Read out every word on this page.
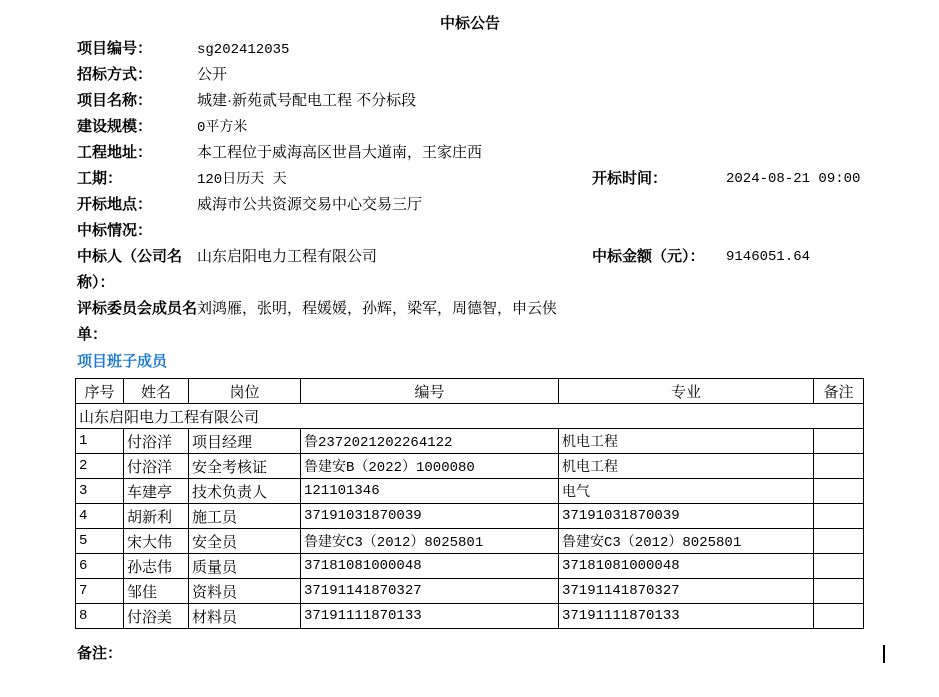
中标公告
项目编号：	sg202412035
招标方式：	公开
项目名称：	城建·新苑贰号配电工程 不分标段
建设规模：	0平方米
工程地址：	本工程位于威海高区世昌大道南，王家庄西
工期：	120日历天 天	开标时间：	2024-08-21 09:00
开标地点：	威海市公共资源交易中心交易三厅
中标情况：
中标人（公司名 山东启阳电力工程有限公司	中标金额（元）： 9146051.64
称）：
评标委员会成员名刘鸿雁，张明，程媛媛，孙辉，梁军，周德智，申云侠
单：
项目班子成员
序号	姓名	岗位	编号	专业	备注
山东启阳电力工程有限公司					
1	付浴洋	项目经理	鲁2372021202264122	机电工程	
2	付浴洋	安全考核证	鲁建安B（2022）1000080	机电工程	
3	车建亭	技术负责人	121101346	电气	
4	胡新利	施工员	37191031870039	37191031870039	
5	宋大伟	安全员	鲁建安C3（2012）8025801	鲁建安C3（2012）8025801	
6	孙志伟	质量员	37181081000048	37181081000048	
7	邹佳	资料员	37191141870327	37191141870327	
8	付浴美	材料员	37191111870133	37191111870133	
备注：
